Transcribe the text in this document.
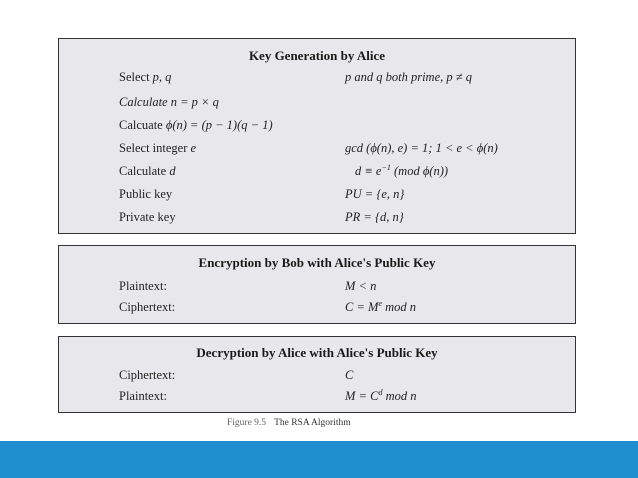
Key Generation by Alice
Select p, q	p and q both prime, p ≠ q
Calculate n = p × q
Calcuate ϕ(n) = (p − 1)(q − 1)
Select integer e	gcd (ϕ(n), e) = 1; 1 < e < ϕ(n)
Calculate d	$d \equiv e^{-1}$ (mod ϕ(n))
Public key	PU = {e, n}
Private key	PR = {d, n}
Encryption by Bob with Alice's Public Key
Plaintext:	M < n
Ciphertext:	$C = M^e$ mod n
Decryption by Alice with Alice's Public Key
Ciphertext:	C
Plaintext:	$M = C^d$ mod n
Figure 9.5 The RSA Algorithm
